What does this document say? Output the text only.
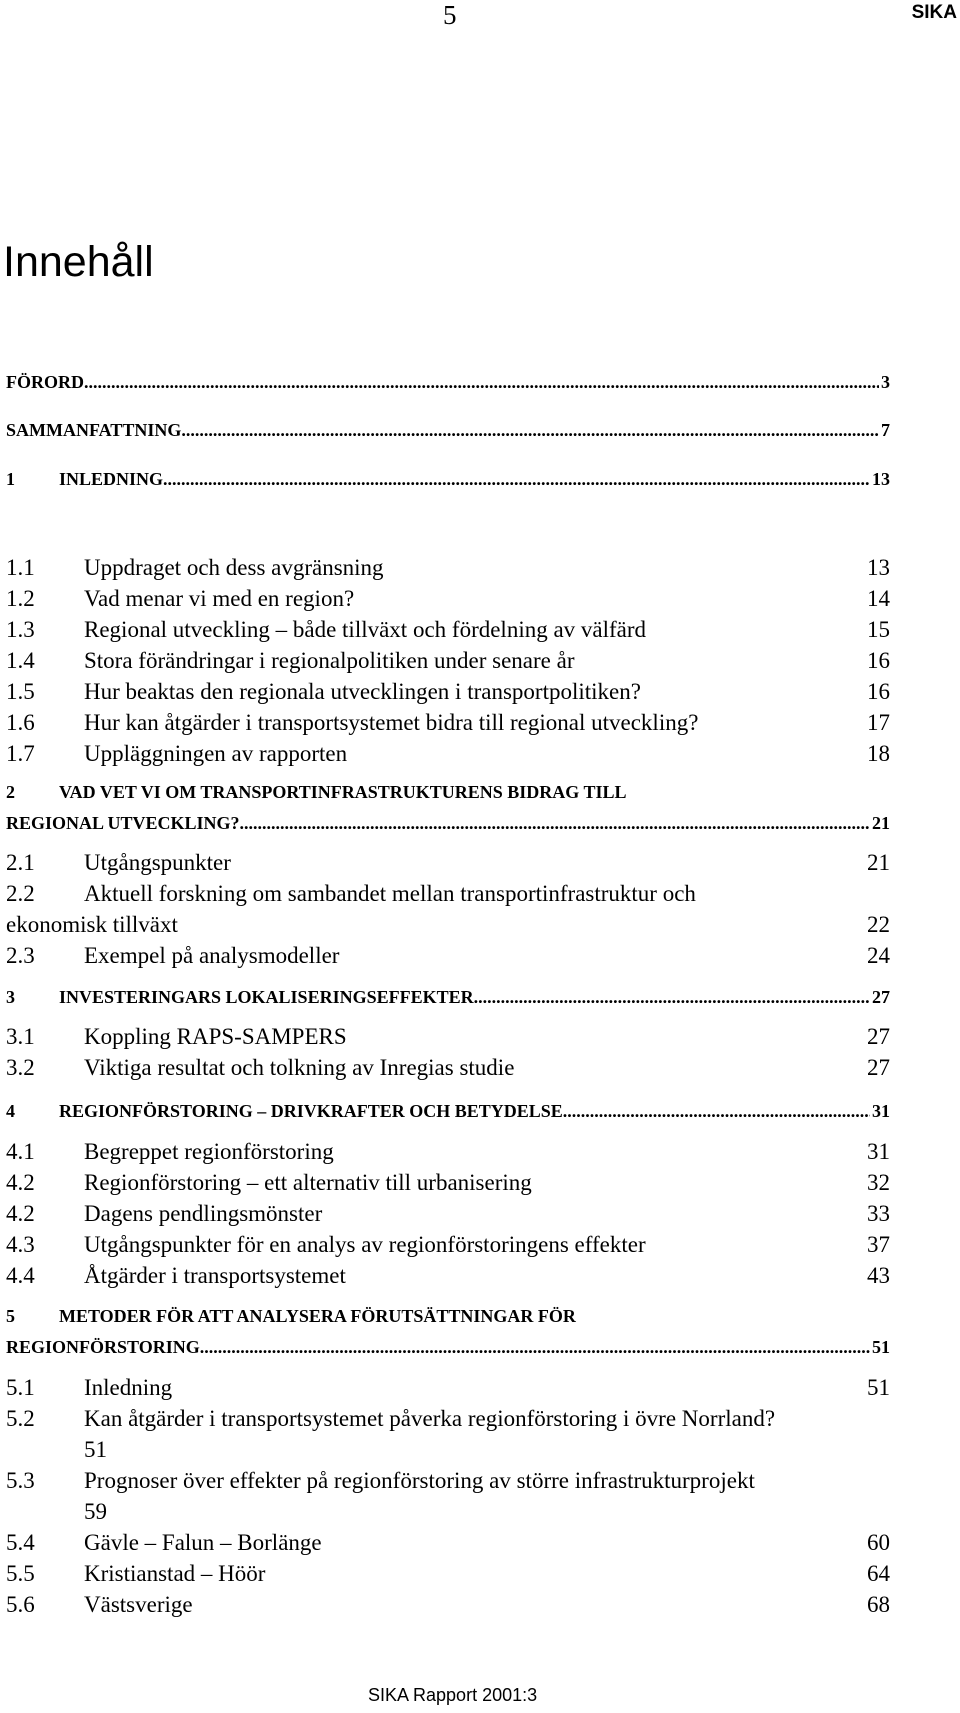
5	SIKA
Innehåll
FÖRORD .....	3
SAMMANFATTNING .....	7
1	INLEDNING .....	13
1.1 Uppdraget och dess avgränsning	13
1.2 Vad menar vi med en region?	14
1.3 Regional utveckling – både tillväxt och fördelning av välfärd	15
1.4 Stora förändringar i regionalpolitiken under senare år	16
1.5 Hur beaktas den regionala utvecklingen i transportpolitiken?	16
1.6 Hur kan åtgärder i transportsystemet bidra till regional utveckling?	17
1.7 Uppläggningen av rapporten	18
2 VAD VET VI OM TRANSPORTINFRASTRUKTURENS BIDRAG TILL
REGIONAL UTVECKLING? .....	21
2.1 Utgångspunkter	21
2.2 Aktuell forskning om sambandet mellan transportinfrastruktur och
ekonomisk tillväxt	22
2.3 Exempel på analysmodeller	24
3	INVESTERINGARS LOKALISERINGSEFFEKTER .....	27
3.1 Koppling RAPS-SAMPERS	27
3.2 Viktiga resultat och tolkning av Inregias studie	27
4	REGIONFÖRSTORING – DRIVKRAFTER OCH BETYDELSE .....	31
4.1 Begreppet regionförstoring	31
4.2 Regionförstoring – ett alternativ till urbanisering	32
4.2 Dagens pendlingsmönster	33
4.3 Utgångspunkter för en analys av regionförstoringens effekter	37
4.4 Åtgärder i transportsystemet	43
5 METODER FÖR ATT ANALYSERA FÖRUTSÄTTNINGAR FÖR
REGIONFÖRSTORING .....	51
5.1 Inledning	51
5.2 Kan åtgärder i transportsystemet påverka regionförstoring i övre Norrland?
51
5.3 Prognoser över effekter på regionförstoring av större infrastrukturprojekt
59
5.4 Gävle – Falun – Borlänge	60
5.5 Kristianstad – Höör	64
5.6 Västsverige	68
SIKA Rapport 2001:3
